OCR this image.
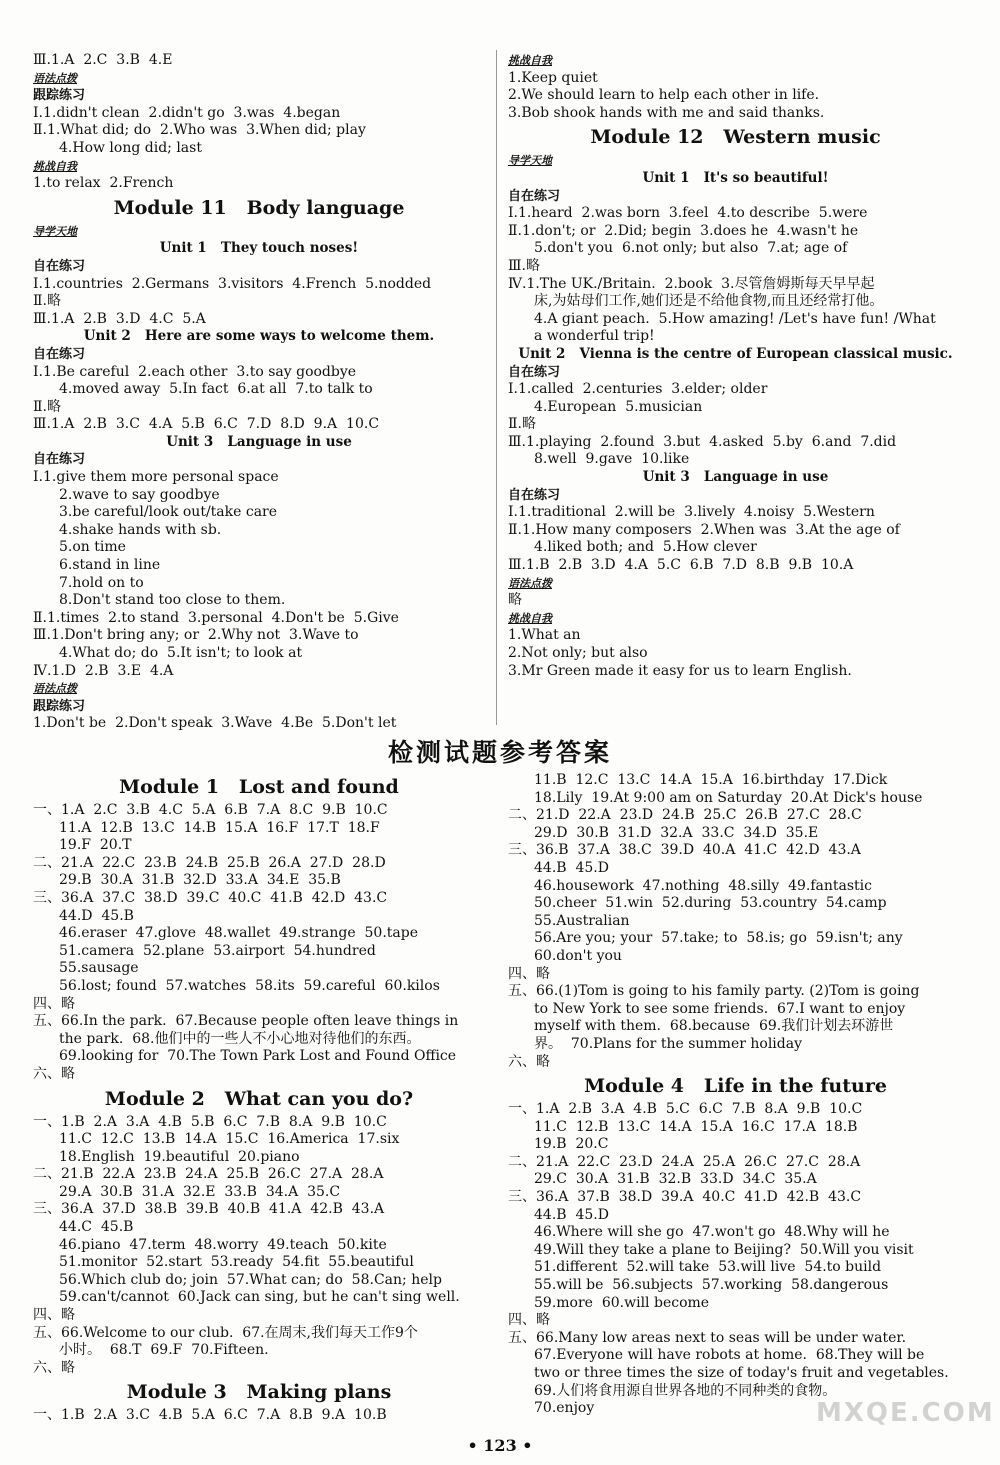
Ⅲ.1.A  2.C  3.B  4.E
语法点拨
跟踪练习
Ⅰ.1.didn't clean  2.didn't go  3.was  4.began
Ⅱ.1.What did; do  2.Who was  3.When did; play
4.How long did; last
挑战自我
1.to relax  2.French
Module 11   Body language
导学天地
Unit 1   They touch noses!
自在练习
Ⅰ.1.countries  2.Germans  3.visitors  4.French  5.nodded
Ⅱ.略
Ⅲ.1.A  2.B  3.D  4.C  5.A
Unit 2   Here are some ways to welcome them.
自在练习
Ⅰ.1.Be careful  2.each other  3.to say goodbye
4.moved away  5.In fact  6.at all  7.to talk to
Ⅱ.略
Ⅲ.1.A  2.B  3.C  4.A  5.B  6.C  7.D  8.D  9.A  10.C
Unit 3   Language in use
自在练习
Ⅰ.1.give them more personal space
2.wave to say goodbye
3.be careful/look out/take care
4.shake hands with sb.
5.on time
6.stand in line
7.hold on to
8.Don't stand too close to them.
Ⅱ.1.times  2.to stand  3.personal  4.Don't be  5.Give
Ⅲ.1.Don't bring any; or  2.Why not  3.Wave to
4.What do; do  5.It isn't; to look at
Ⅳ.1.D  2.B  3.E  4.A
语法点拨
跟踪练习
1.Don't be  2.Don't speak  3.Wave  4.Be  5.Don't let
挑战自我
1.Keep quiet
2.We should learn to help each other in life.
3.Bob shook hands with me and said thanks.
Module 12   Western music
导学天地
Unit 1   It's so beautiful!
自在练习
Ⅰ.1.heard  2.was born  3.feel  4.to describe  5.were
Ⅱ.1.don't; or  2.Did; begin  3.does he  4.wasn't he
5.don't you  6.not only; but also  7.at; age of
Ⅲ.略
Ⅳ.1.The UK./Britain.  2.book  3.尽管詹姆斯每天早早起
床,为姑母们工作,她们还是不给他食物,而且还经常打他。
4.A giant peach.  5.How amazing! /Let's have fun! /What
a wonderful trip!
Unit 2   Vienna is the centre of European classical music.
自在练习
Ⅰ.1.called  2.centuries  3.elder; older
4.European  5.musician
Ⅱ.略
Ⅲ.1.playing  2.found  3.but  4.asked  5.by  6.and  7.did
8.well  9.gave  10.like
Unit 3   Language in use
自在练习
Ⅰ.1.traditional  2.will be  3.lively  4.noisy  5.Western
Ⅱ.1.How many composers  2.When was  3.At the age of
4.liked both; and  5.How clever
Ⅲ.1.B  2.B  3.D  4.A  5.C  6.B  7.D  8.B  9.B  10.A
语法点拨
略
挑战自我
1.What an
2.Not only; but also
3.Mr Green made it easy for us to learn English.
检测试题参考答案
Module 1   Lost and found
一、1.A  2.C  3.B  4.C  5.A  6.B  7.A  8.C  9.B  10.C
11.A  12.B  13.C  14.B  15.A  16.F  17.T  18.F
19.F  20.T
二、21.A  22.C  23.B  24.B  25.B  26.A  27.D  28.D
29.B  30.A  31.B  32.D  33.A  34.E  35.B
三、36.A  37.C  38.D  39.C  40.C  41.B  42.D  43.C
44.D  45.B
46.eraser  47.glove  48.wallet  49.strange  50.tape
51.camera  52.plane  53.airport  54.hundred
55.sausage
56.lost; found  57.watches  58.its  59.careful  60.kilos
四、略
五、66.In the park.  67.Because people often leave things in
the park.  68.他们中的一些人不小心地对待他们的东西。
69.looking for  70.The Town Park Lost and Found Office
六、略
Module 2   What can you do?
一、1.B  2.A  3.A  4.B  5.B  6.C  7.B  8.A  9.B  10.C
11.C  12.C  13.B  14.A  15.C  16.America  17.six
18.English  19.beautiful  20.piano
二、21.B  22.A  23.B  24.A  25.B  26.C  27.A  28.A
29.A  30.B  31.A  32.E  33.B  34.A  35.C
三、36.A  37.D  38.B  39.B  40.B  41.A  42.B  43.A
44.C  45.B
46.piano  47.term  48.worry  49.teach  50.kite
51.monitor  52.start  53.ready  54.fit  55.beautiful
56.Which club do; join  57.What can; do  58.Can; help
59.can't/cannot  60.Jack can sing, but he can't sing well.
四、略
五、66.Welcome to our club.  67.在周末,我们每天工作9个
小时。  68.T  69.F  70.Fifteen.
六、略
Module 3   Making plans
一、1.B  2.A  3.C  4.B  5.A  6.C  7.A  8.B  9.A  10.B
11.B  12.C  13.C  14.A  15.A  16.birthday  17.Dick
18.Lily  19.At 9:00 am on Saturday  20.At Dick's house
二、21.D  22.A  23.D  24.B  25.C  26.B  27.C  28.C
29.D  30.B  31.D  32.A  33.C  34.D  35.E
三、36.B  37.A  38.C  39.D  40.A  41.C  42.D  43.A
44.B  45.D
46.housework  47.nothing  48.silly  49.fantastic
50.cheer  51.win  52.during  53.country  54.camp
55.Australian
56.Are you; your  57.take; to  58.is; go  59.isn't; any
60.don't you
四、略
五、66.(1)Tom is going to his family party. (2)Tom is going
to New York to see some friends.  67.I want to enjoy
myself with them.  68.because  69.我们计划去环游世
界。  70.Plans for the summer holiday
六、略
Module 4   Life in the future
一、1.A  2.B  3.A  4.B  5.C  6.C  7.B  8.A  9.B  10.C
11.C  12.B  13.C  14.A  15.A  16.C  17.A  18.B
19.B  20.C
二、21.A  22.C  23.D  24.A  25.A  26.C  27.C  28.A
29.C  30.A  31.B  32.B  33.D  34.C  35.A
三、36.A  37.B  38.D  39.A  40.C  41.D  42.B  43.C
44.B  45.D
46.Where will she go  47.won't go  48.Why will he
49.Will they take a plane to Beijing?  50.Will you visit
51.different  52.will take  53.will live  54.to build
55.will be  56.subjects  57.working  58.dangerous
59.more  60.will become
四、略
五、66.Many low areas next to seas will be under water.
67.Everyone will have robots at home.  68.They will be
two or three times the size of today's fruit and vegetables.
69.人们将食用源自世界各地的不同种类的食物。
70.enjoy
• 123 •
MXQE.COM
